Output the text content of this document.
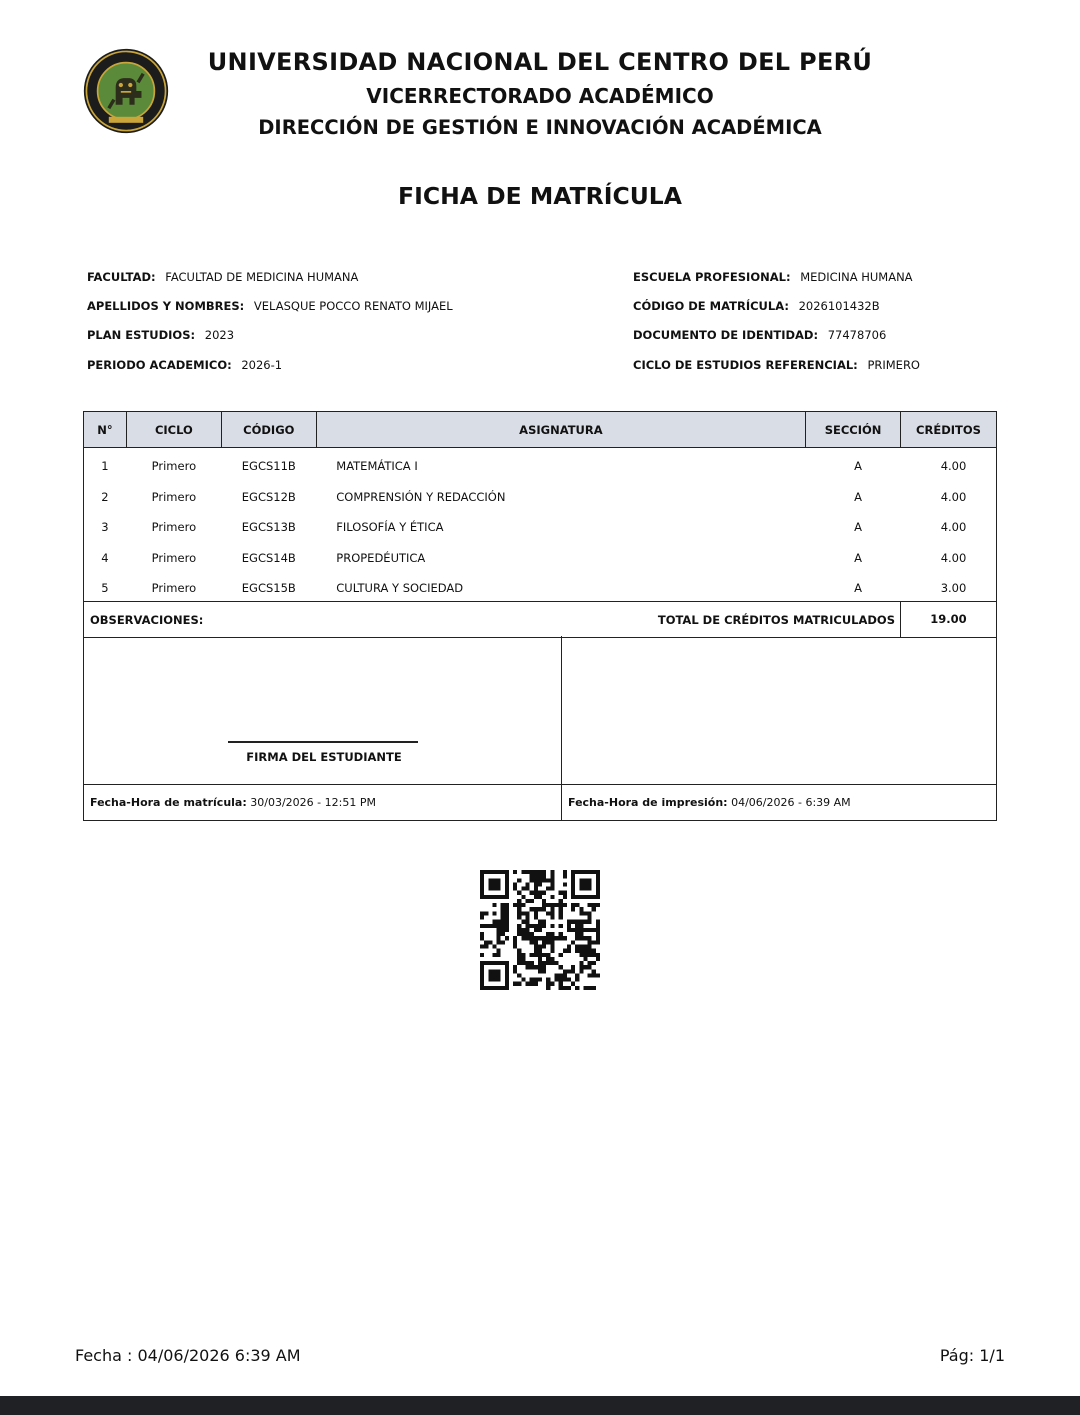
UNIVERSIDAD NACIONAL DEL CENTRO DEL PERÚ
VICERRECTORADO ACADÉMICO
DIRECCIÓN DE GESTIÓN E INNOVACIÓN ACADÉMICA
FICHA DE MATRÍCULA
FACULTAD: FACULTAD DE MEDICINA HUMANA	ESCUELA PROFESIONAL: MEDICINA HUMANA
APELLIDOS Y NOMBRES: VELASQUE POCCO RENATO MIJAEL	CÓDIGO DE MATRÍCULA: 2026101432B
PLAN ESTUDIOS: 2023	DOCUMENTO DE IDENTIDAD: 77478706
PERIODO ACADEMICO: 2026-1	CICLO DE ESTUDIOS REFERENCIAL: PRIMERO
N°	CICLO	CÓDIGO	ASIGNATURA	SECCIÓN	CRÉDITOS
1	Primero	EGCS11B	MATEMÁTICA I	A	4.00
2	Primero	EGCS12B	COMPRENSIÓN Y REDACCIÓN	A	4.00
3	Primero	EGCS13B	FILOSOFÍA Y ÉTICA	A	4.00
4	Primero	EGCS14B	PROPEDÉUTICA	A	4.00
5	Primero	EGCS15B	CULTURA Y SOCIEDAD	A	3.00
OBSERVACIONES:	TOTAL DE CRÉDITOS MATRICULADOS	19.00
FIRMA DEL ESTUDIANTE
Fecha-Hora de matrícula: 30/03/2026 - 12:51 PM	Fecha-Hora de impresión: 04/06/2026 - 6:39 AM
Fecha : 04/06/2026 6:39 AM	Pág: 1/1
